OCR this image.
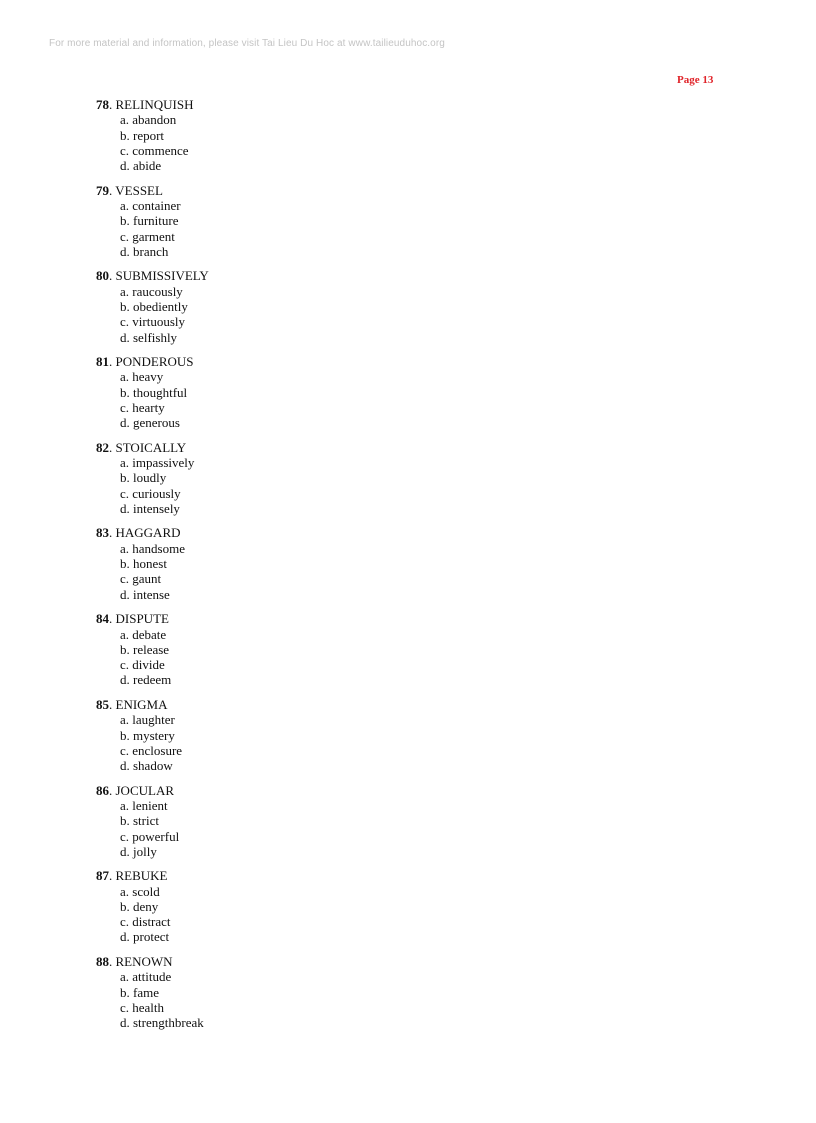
For more material and information, please visit Tai Lieu Du Hoc at www.tailieuduhoc.org
Page 13
78. RELINQUISH
a. abandon
b. report
c. commence
d. abide
79. VESSEL
a. container
b. furniture
c. garment
d. branch
80. SUBMISSIVELY
a. raucously
b. obediently
c. virtuously
d. selfishly
81. PONDEROUS
a. heavy
b. thoughtful
c. hearty
d. generous
82. STOICALLY
a. impassively
b. loudly
c. curiously
d. intensely
83. HAGGARD
a. handsome
b. honest
c. gaunt
d. intense
84. DISPUTE
a. debate
b. release
c. divide
d. redeem
85. ENIGMA
a. laughter
b. mystery
c. enclosure
d. shadow
86. JOCULAR
a. lenient
b. strict
c. powerful
d. jolly
87. REBUKE
a. scold
b. deny
c. distract
d. protect
88. RENOWN
a. attitude
b. fame
c. health
d. strengthbreak
